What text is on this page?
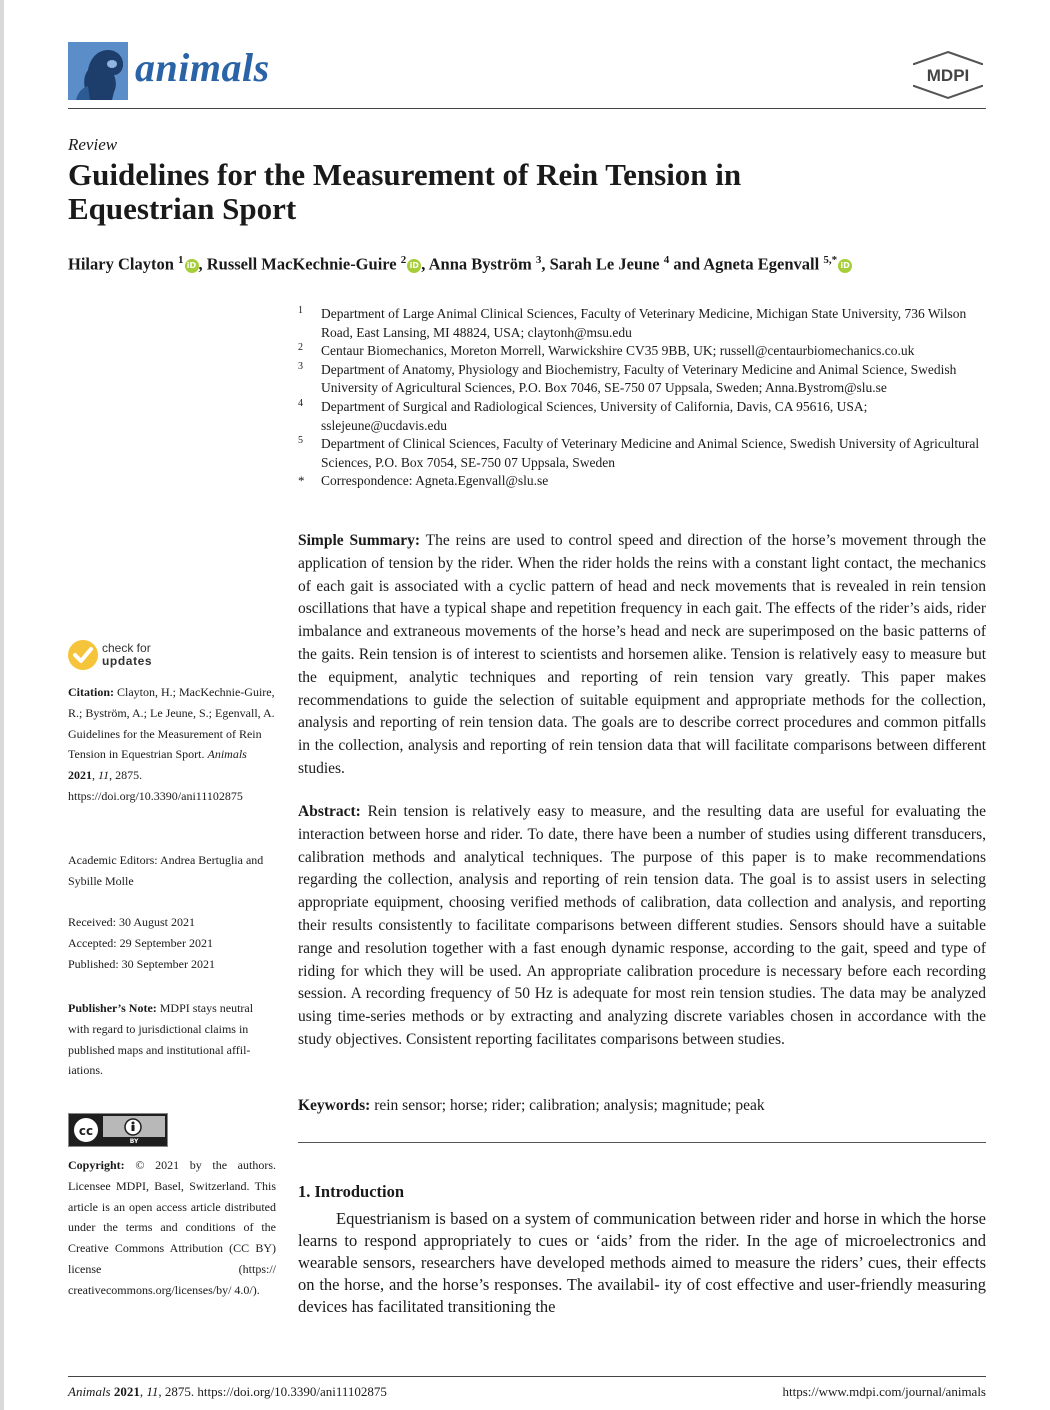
animals	MDPI
Review
Guidelines for the Measurement of Rein Tension in Equestrian Sport
Hilary Clayton $^1$ iD , Russell MacKechnie-Guire $^2$ iD , Anna Byström $^3$, Sarah Le Jeune $^4$ and Agneta Egenvall $^{5,*}$ iD
1 Department of Large Animal Clinical Sciences, Faculty of Veterinary Medicine, Michigan State University, 736 Wilson Road, East Lansing, MI 48824, USA; claytonh@msu.edu
2 Centaur Biomechanics, Moreton Morrell, Warwickshire CV35 9BB, UK; russell@centaurbiomechanics.co.uk
3 Department of Anatomy, Physiology and Biochemistry, Faculty of Veterinary Medicine and Animal Science, Swedish University of Agricultural Sciences, P.O. Box 7046, SE-750 07 Uppsala, Sweden; Anna.Bystrom@slu.se
4 Department of Surgical and Radiological Sciences, University of California, Davis, CA 95616, USA; sslejeune@ucdavis.edu
5 Department of Clinical Sciences, Faculty of Veterinary Medicine and Animal Science, Swedish University of Agricultural Sciences, P.O. Box 7054, SE-750 07 Uppsala, Sweden
* Correspondence: Agneta.Egenvall@slu.se

Simple Summary: The reins are used to control speed and direction of the horse’s movement through the application of tension by the rider. When the rider holds the reins with a constant light contact, the mechanics of each gait is associated with a cyclic pattern of head and neck movements that is revealed in rein tension oscillations that have a typical shape and repetition frequency in each gait. The effects of the rider’s aids, rider imbalance and extraneous movements of the horse’s head and neck are superimposed on the basic patterns of the gaits. Rein tension is of interest to scientists and horsemen alike. Tension is relatively easy to measure but the equipment, analytic techniques and reporting of rein tension vary greatly. This paper makes recommendations to guide the selection of suitable equipment and appropriate methods for the collection, analysis and reporting of rein tension data. The goals are to describe correct procedures and common pitfalls in the collection, analysis and reporting of rein tension data that will facilitate comparisons between different studies.

Abstract: Rein tension is relatively easy to measure, and the resulting data are useful for evaluating the interaction between horse and rider. To date, there have been a number of studies using different transducers, calibration methods and analytical techniques. The purpose of this paper is to make recommendations regarding the collection, analysis and reporting of rein tension data. The goal is to assist users in selecting appropriate equipment, choosing verified methods of calibration, data collection and analysis, and reporting their results consistently to facilitate comparisons between different studies. Sensors should have a suitable range and resolution together with a fast enough dynamic response, according to the gait, speed and type of riding for which they will be used. An appropriate calibration procedure is necessary before each recording session. A recording frequency of 50 Hz is adequate for most rein tension studies. The data may be analyzed using time-series methods or by extracting and analyzing discrete variables chosen in accordance with the study objectives. Consistent reporting facilitates comparisons between studies.

Keywords: rein sensor; horse; rider; calibration; analysis; magnitude; peak

1. Introduction

Equestrianism is based on a system of communication between rider and horse in which the horse learns to respond appropriately to cues or ‘aids’ from the rider. In the age of microelectronics and wearable sensors, researchers have developed methods aimed to measure the riders’ cues, their effects on the horse, and the horse’s responses. The availabil- ity of cost effective and user-friendly measuring devices has facilitated transitioning the

check for
updates

Citation: Clayton, H.; MacKechnie-Guire, R.; Byström, A.; Le Jeune, S.; Egenvall, A. Guidelines for the Measurement of Rein Tension in Equestrian Sport. Animals 2021, 11, 2875. https://doi.org/10.3390/ani11102875

Academic Editors: Andrea Bertuglia and Sybille Molle

Received: 30 August 2021
Accepted: 29 September 2021
Published: 30 September 2021

Publisher’s Note: MDPI stays neutral with regard to jurisdictional claims in published maps and institutional affil- iations.

cc
BY

Copyright: © 2021 by the authors. Licensee MDPI, Basel, Switzerland. This article is an open access article distributed under the terms and conditions of the Creative Commons Attribution (CC BY) license (https:// creativecommons.org/licenses/by/ 4.0/).

Animals 2021, 11, 2875. https://doi.org/10.3390/ani11102875	https://www.mdpi.com/journal/animals
